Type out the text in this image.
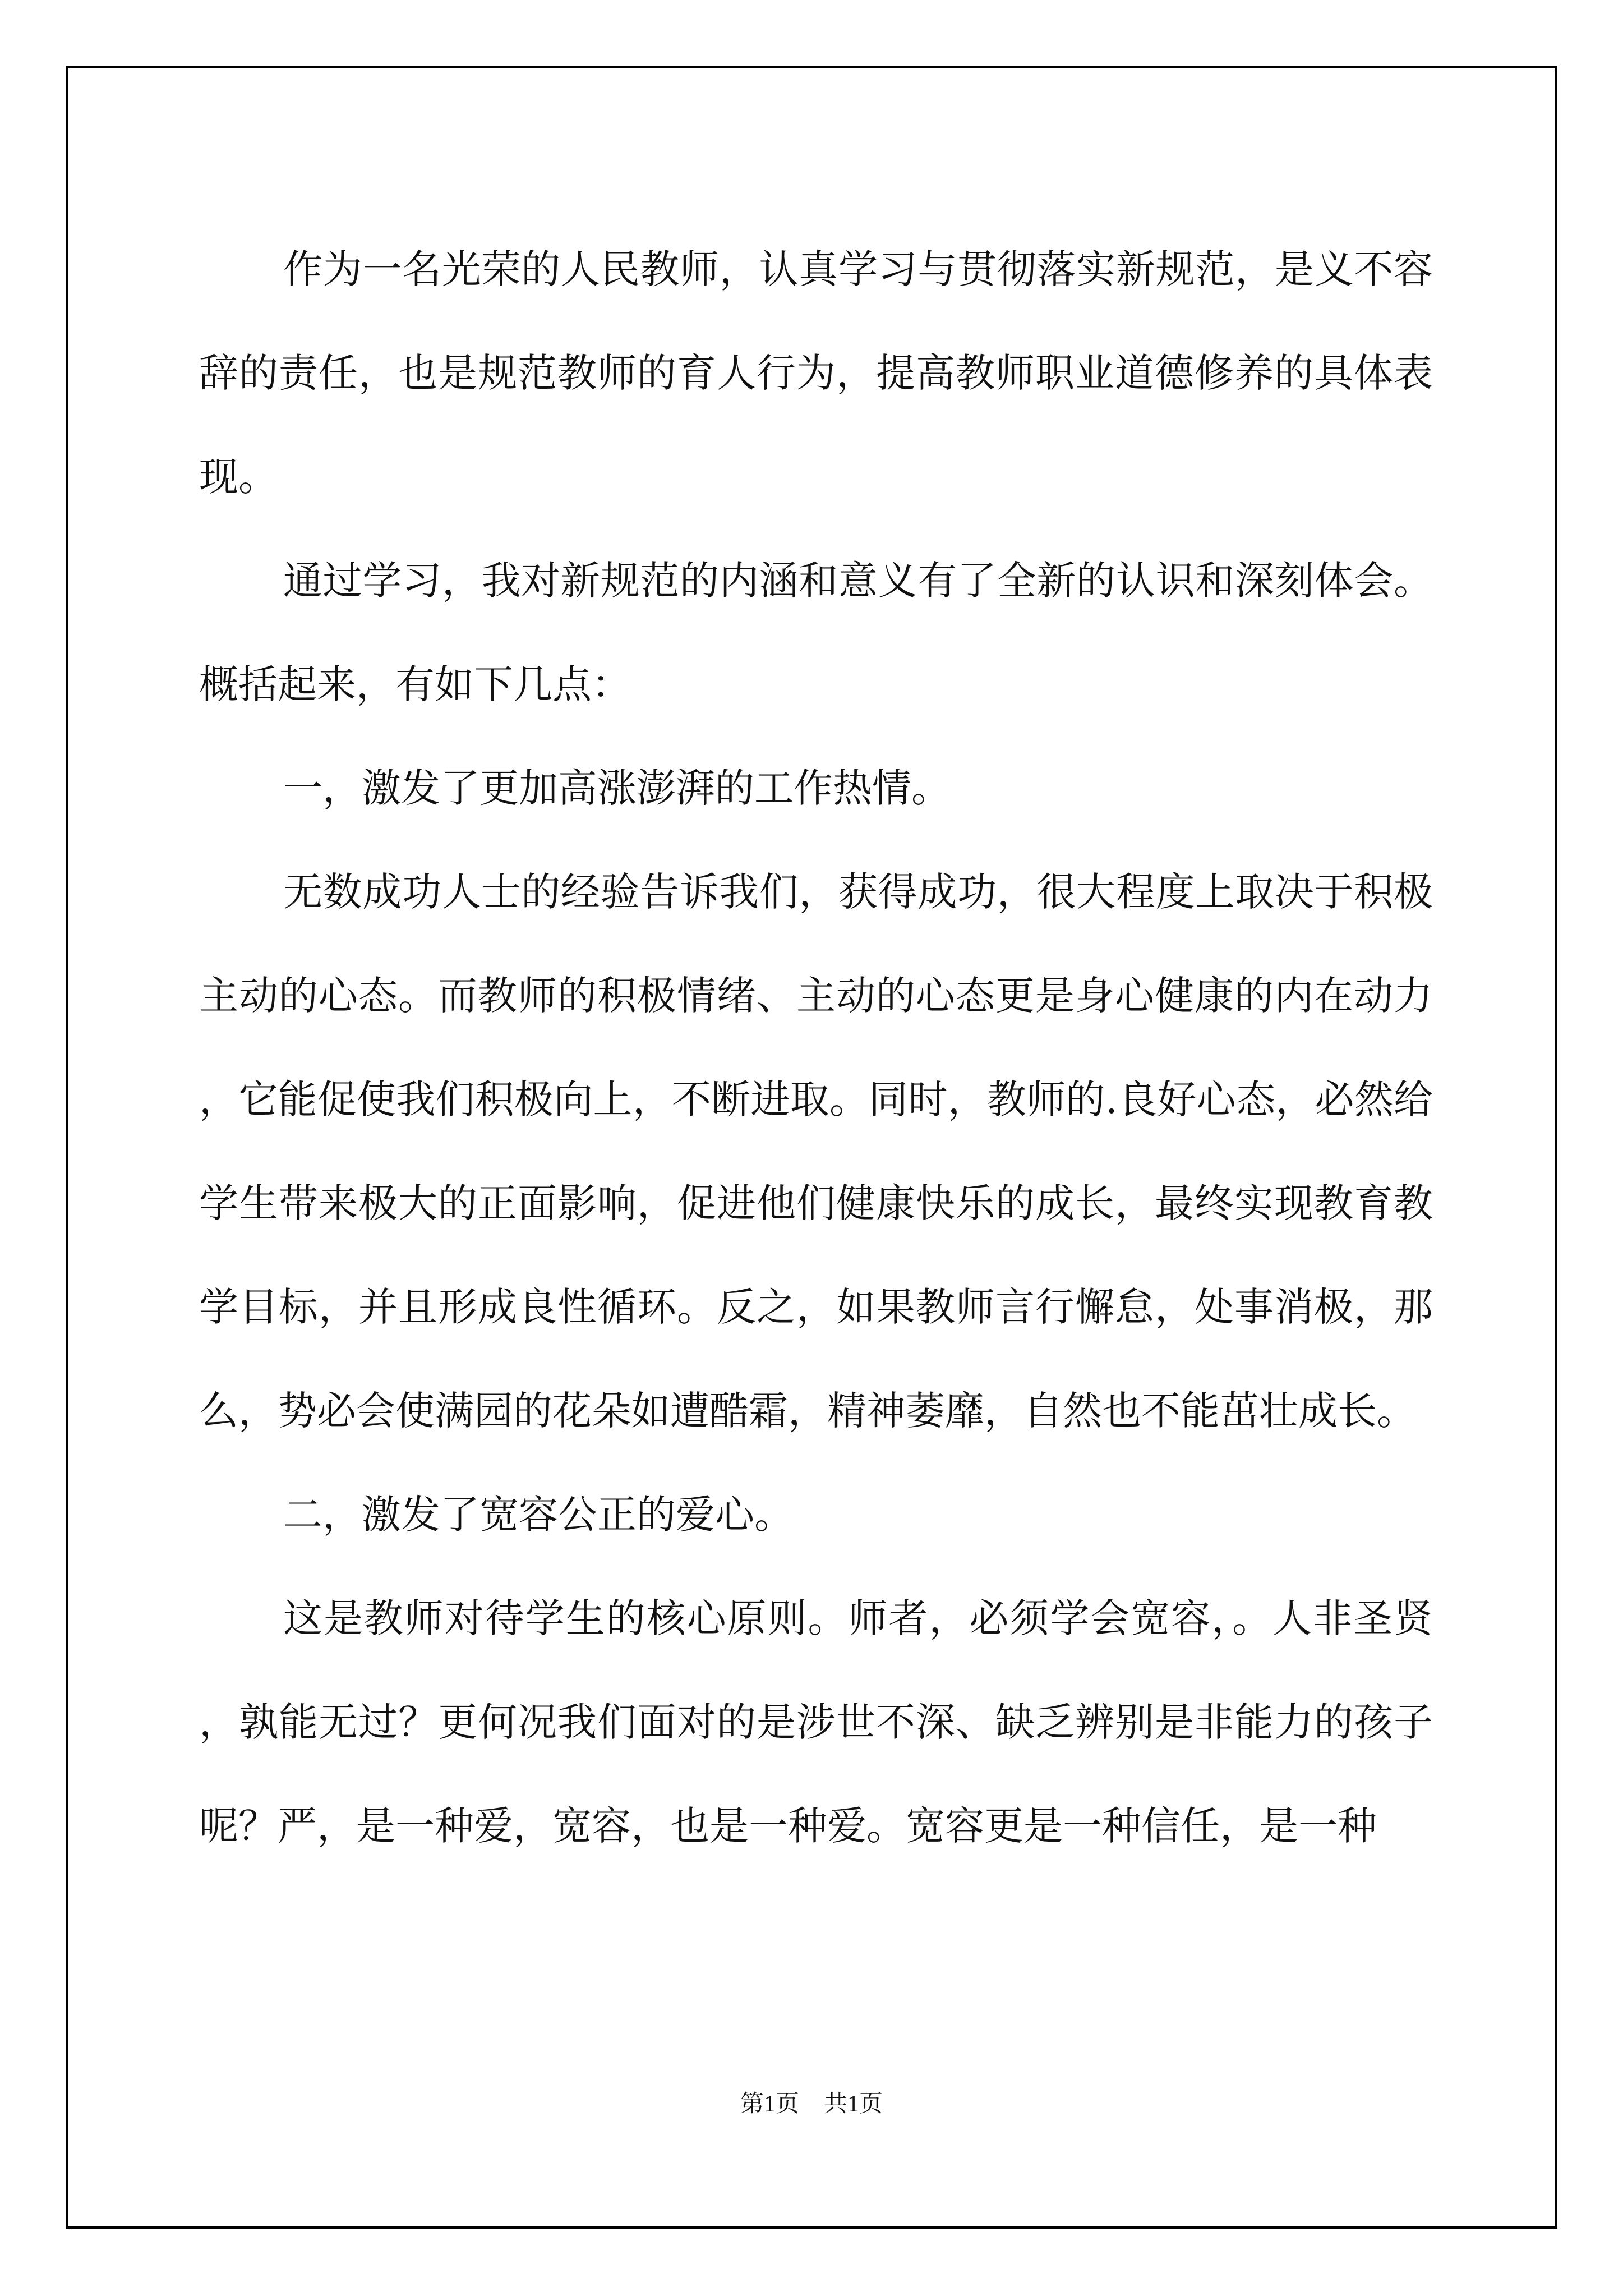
作为一名光荣的人民教师，认真学习与贯彻落实新规范，是义不容辞的责任，也是规范教师的育人行为，提高教师职业道德修养的具体表现。

通过学习，我对新规范的内涵和意义有了全新的认识和深刻体会。概括起来，有如下几点：

一，激发了更加高涨澎湃的工作热情。

无数成功人士的经验告诉我们，获得成功，很大程度上取决于积极主动的心态。而教师的积极情绪、主动的心态更是身心健康的内在动力，它能促使我们积极向上，不断进取。同时，教师的.良好心态，必然给学生带来极大的正面影响，促进他们健康快乐的成长，最终实现教育教学目标，并且形成良性循环。反之，如果教师言行懈怠，处事消极，那么，势必会使满园的花朵如遭酷霜，精神萎靡，自然也不能茁壮成长。

二，激发了宽容公正的爱心。

这是教师对待学生的核心原则。师者，必须学会宽容，。人非圣贤，孰能无过？更何况我们面对的是涉世不深、缺乏辨别是非能力的孩子呢？严，是一种爱，宽容，也是一种爱。宽容更是一种信任，是一种

第1页 共1页
